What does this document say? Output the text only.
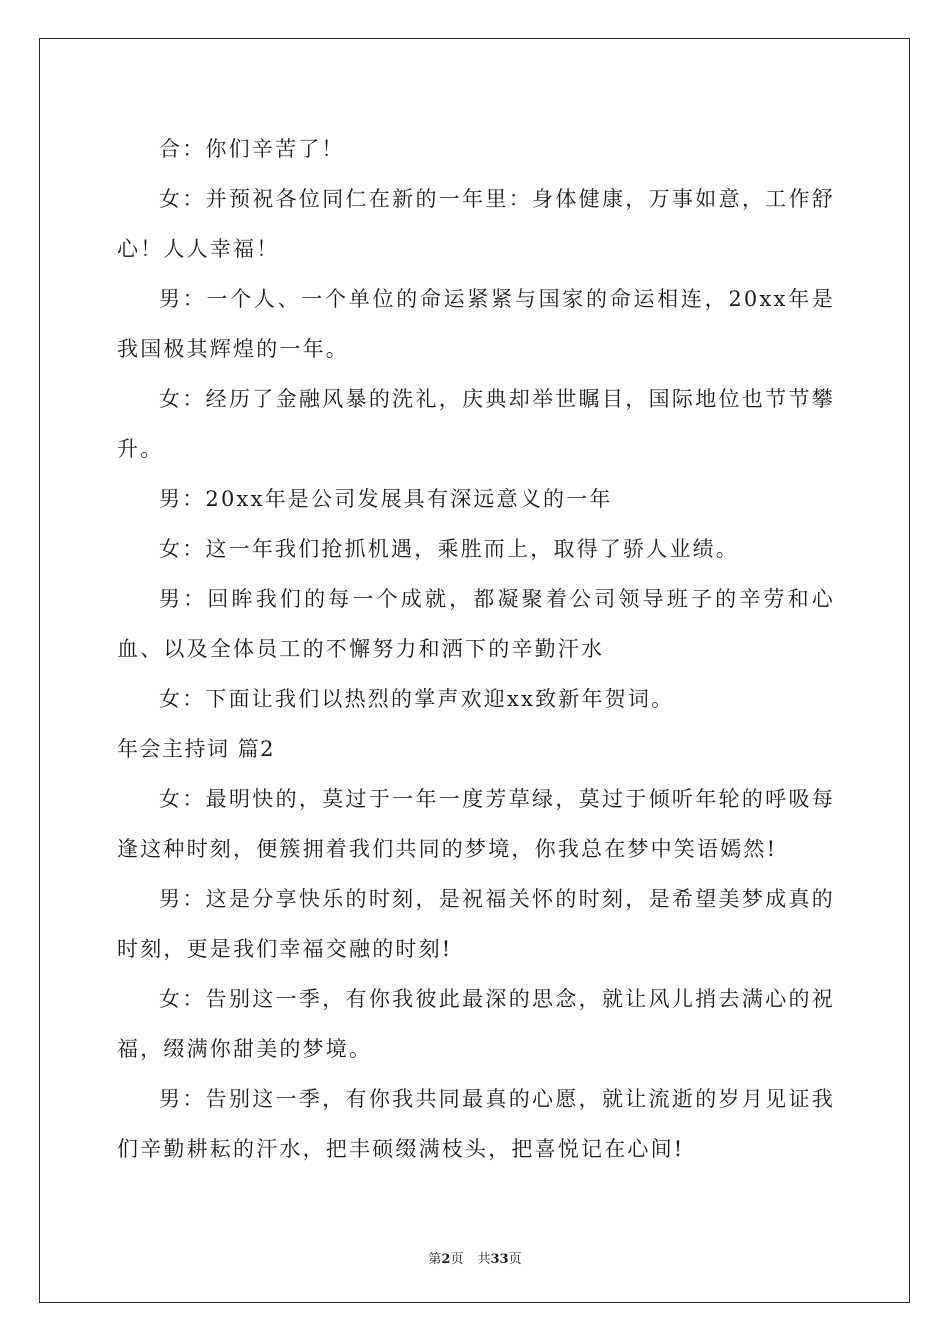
合：你们辛苦了！

女：并预祝各位同仁在新的一年里：身体健康，万事如意，工作舒心！人人幸福！

男：一个人、一个单位的命运紧紧与国家的命运相连，20xx年是我国极其辉煌的一年。

女：经历了金融风暴的洗礼，庆典却举世瞩目，国际地位也节节攀升。

男：20xx年是公司发展具有深远意义的一年

女：这一年我们抢抓机遇，乘胜而上，取得了骄人业绩。

男：回眸我们的每一个成就，都凝聚着公司领导班子的辛劳和心血、以及全体员工的不懈努力和洒下的辛勤汗水

女：下面让我们以热烈的掌声欢迎xx致新年贺词。

年会主持词 篇2

女：最明快的，莫过于一年一度芳草绿，莫过于倾听年轮的呼吸每逢这种时刻，便簇拥着我们共同的梦境，你我总在梦中笑语嫣然!

男：这是分享快乐的时刻，是祝福关怀的时刻，是希望美梦成真的时刻，更是我们幸福交融的时刻!

女：告别这一季，有你我彼此最深的思念，就让风儿捎去满心的祝福，缀满你甜美的梦境。

男：告别这一季，有你我共同最真的心愿，就让流逝的岁月见证我们辛勤耕耘的汗水，把丰硕缀满枝头，把喜悦记在心间!

第2页 共33页
